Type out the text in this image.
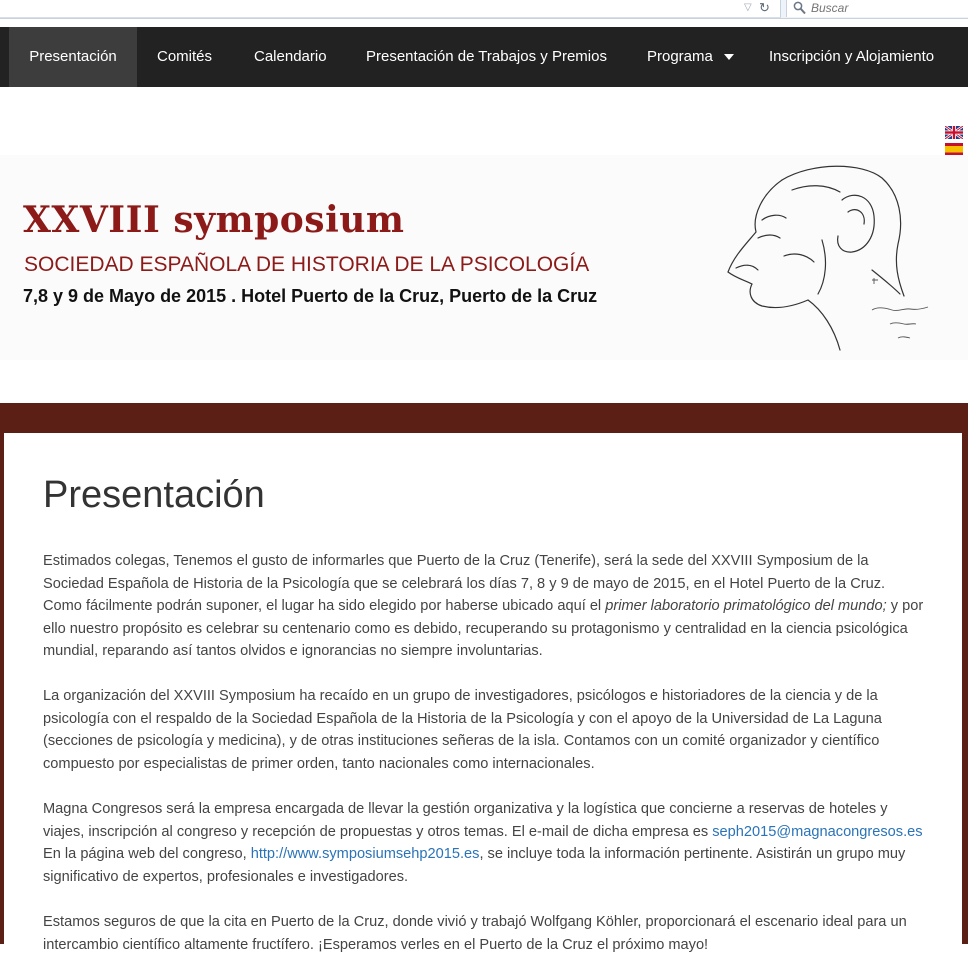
▽ ↻
Buscar
Presentación	Comités	Calendario	Presentación de Trabajos y Premios	Programa	Inscripción y Alojamiento
XXVIII symposium
SOCIEDAD ESPAÑOLA DE HISTORIA DE LA PSICOLOGÍA
7,8 y 9 de Mayo de 2015 . Hotel Puerto de la Cruz, Puerto de la Cruz
Presentación

Estimados colegas, Tenemos el gusto de informarles que Puerto de la Cruz (Tenerife), será la sede del XXVIII Symposium de la Sociedad Española de Historia de la Psicología que se celebrará los días 7, 8 y 9 de mayo de 2015, en el Hotel Puerto de la Cruz. Como fácilmente podrán suponer, el lugar ha sido elegido por haberse ubicado aquí el primer laboratorio primatológico del mundo; y por ello nuestro propósito es celebrar su centenario como es debido, recuperando su protagonismo y centralidad en la ciencia psicológica mundial, reparando así tantos olvidos e ignorancias no siempre involuntarias.

La organización del XXVIII Symposium ha recaído en un grupo de investigadores, psicólogos e historiadores de la ciencia y de la psicología con el respaldo de la Sociedad Española de la Historia de la Psicología y con el apoyo de la Universidad de La Laguna (secciones de psicología y medicina), y de otras instituciones señeras de la isla. Contamos con un comité organizador y científico compuesto por especialistas de primer orden, tanto nacionales como internacionales.

Magna Congresos será la empresa encargada de llevar la gestión organizativa y la logística que concierne a reservas de hoteles y viajes, inscripción al congreso y recepción de propuestas y otros temas. El e-mail de dicha empresa es seph2015@magnacongresos.es En la página web del congreso, http://www.symposiumsehp2015.es, se incluye toda la información pertinente. Asistirán un grupo muy significativo de expertos, profesionales e investigadores.

Estamos seguros de que la cita en Puerto de la Cruz, donde vivió y trabajó Wolfgang Köhler, proporcionará el escenario ideal para un intercambio científico altamente fructífero. ¡Esperamos verles en el Puerto de la Cruz el próximo mayo!
